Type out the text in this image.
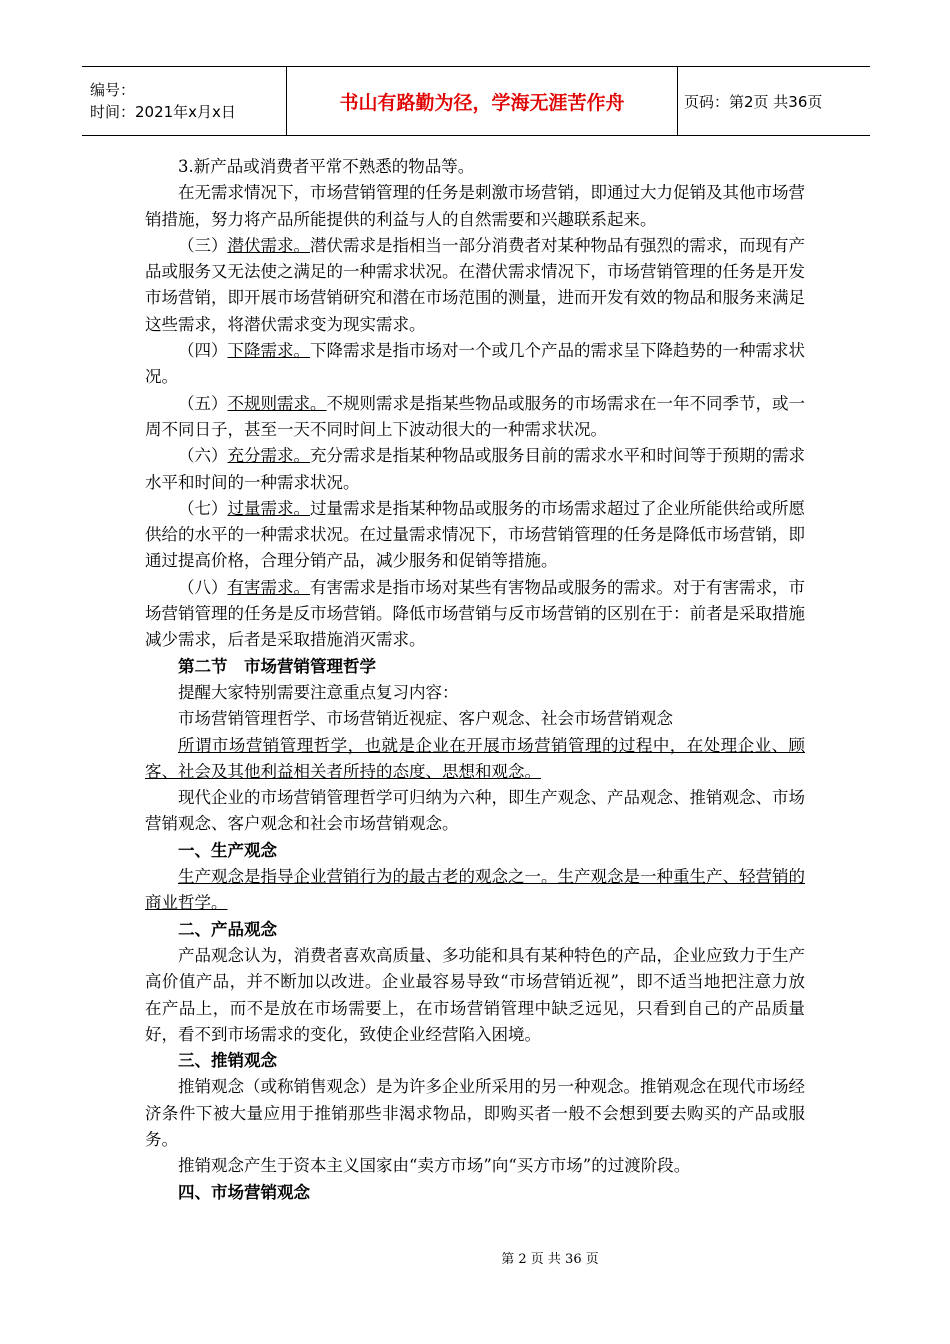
编号：
时间：2021年x月x日	书山有路勤为径，学海无涯苦作舟	页码：第2页 共36页

3.新产品或消费者平常不熟悉的物品等。

在无需求情况下，市场营销管理的任务是刺激市场营销，即通过大力促销及其他市场营销措施，努力将产品所能提供的利益与人的自然需要和兴趣联系起来。

（三）潜伏需求。潜伏需求是指相当一部分消费者对某种物品有强烈的需求，而现有产品或服务又无法使之满足的一种需求状况。在潜伏需求情况下，市场营销管理的任务是开发市场营销，即开展市场营销研究和潜在市场范围的测量，进而开发有效的物品和服务来满足这些需求，将潜伏需求变为现实需求。

（四）下降需求。下降需求是指市场对一个或几个产品的需求呈下降趋势的一种需求状况。

（五）不规则需求。不规则需求是指某些物品或服务的市场需求在一年不同季节，或一周不同日子，甚至一天不同时间上下波动很大的一种需求状况。

（六）充分需求。充分需求是指某种物品或服务目前的需求水平和时间等于预期的需求水平和时间的一种需求状况。

（七）过量需求。过量需求是指某种物品或服务的市场需求超过了企业所能供给或所愿供给的水平的一种需求状况。在过量需求情况下，市场营销管理的任务是降低市场营销，即通过提高价格，合理分销产品，减少服务和促销等措施。

（八）有害需求。有害需求是指市场对某些有害物品或服务的需求。对于有害需求，市场营销管理的任务是反市场营销。降低市场营销与反市场营销的区别在于：前者是采取措施减少需求，后者是采取措施消灭需求。

第二节　市场营销管理哲学

提醒大家特别需要注意重点复习内容：

市场营销管理哲学、市场营销近视症、客户观念、社会市场营销观念

所谓市场营销管理哲学，也就是企业在开展市场营销管理的过程中，在处理企业、顾客、社会及其他利益相关者所持的态度、思想和观念。

现代企业的市场营销管理哲学可归纳为六种，即生产观念、产品观念、推销观念、市场营销观念、客户观念和社会市场营销观念。

一、生产观念

生产观念是指导企业营销行为的最古老的观念之一。生产观念是一种重生产、轻营销的商业哲学。

二、产品观念

产品观念认为，消费者喜欢高质量、多功能和具有某种特色的产品，企业应致力于生产高价值产品，并不断加以改进。企业最容易导致“市场营销近视”，即不适当地把注意力放在产品上，而不是放在市场需要上，在市场营销管理中缺乏远见，只看到自己的产品质量好，看不到市场需求的变化，致使企业经营陷入困境。

三、推销观念

推销观念（或称销售观念）是为许多企业所采用的另一种观念。推销观念在现代市场经济条件下被大量应用于推销那些非渴求物品，即购买者一般不会想到要去购买的产品或服务。

推销观念产生于资本主义国家由“卖方市场”向“买方市场”的过渡阶段。

四、市场营销观念

第 2 页 共 36 页
